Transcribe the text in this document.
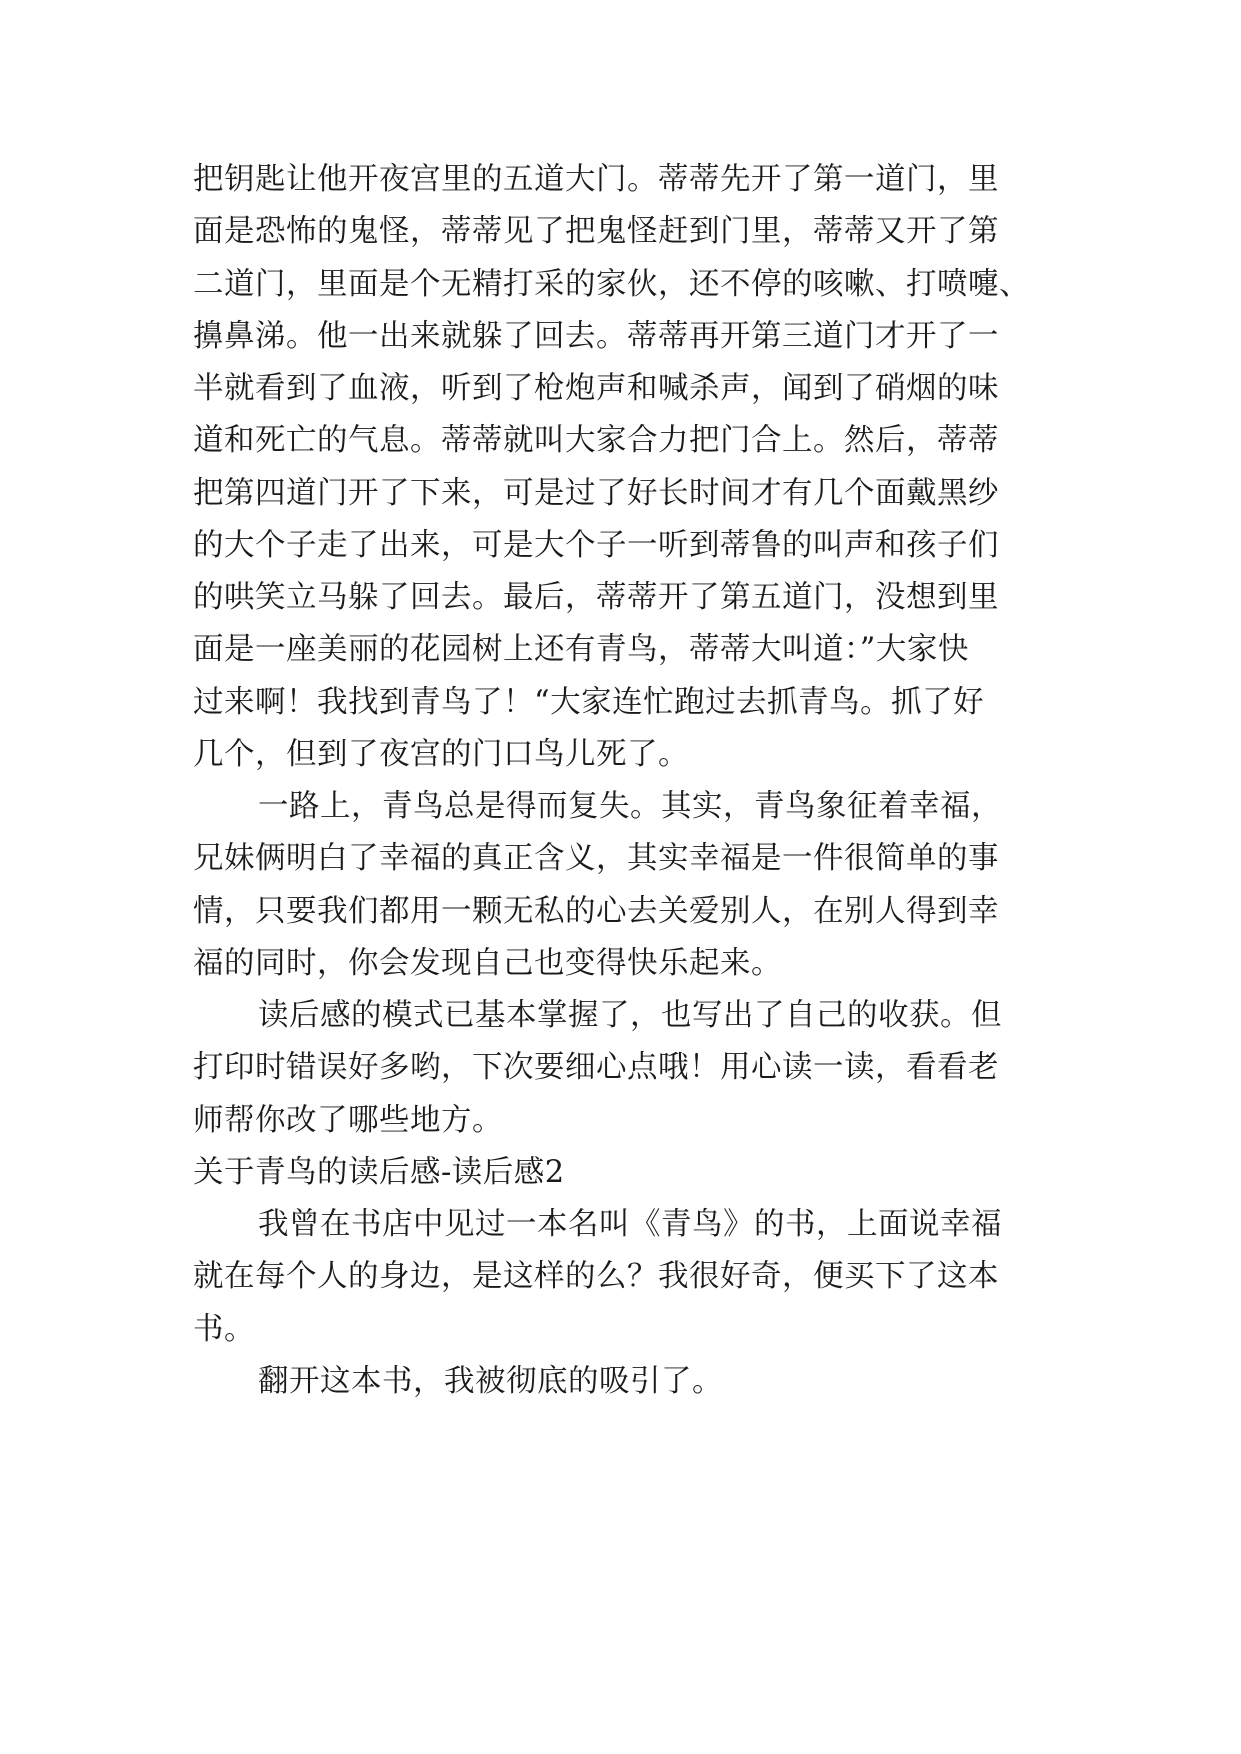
把钥匙让他开夜宫里的五道大门。蒂蒂先开了第一道门，里
面是恐怖的鬼怪，蒂蒂见了把鬼怪赶到门里，蒂蒂又开了第
二道门，里面是个无精打采的家伙，还不停的咳嗽、打喷嚏、
擤鼻涕。他一出来就躲了回去。蒂蒂再开第三道门才开了一
半就看到了血液，听到了枪炮声和喊杀声，闻到了硝烟的味
道和死亡的气息。蒂蒂就叫大家合力把门合上。然后，蒂蒂
把第四道门开了下来，可是过了好长时间才有几个面戴黑纱
的大个子走了出来，可是大个子一听到蒂鲁的叫声和孩子们
的哄笑立马躲了回去。最后，蒂蒂开了第五道门，没想到里
面是一座美丽的花园树上还有青鸟，蒂蒂大叫道：”大家快
过来啊！我找到青鸟了！“大家连忙跑过去抓青鸟。抓了好
几个，但到了夜宫的门口鸟儿死了。
一路上，青鸟总是得而复失。其实，青鸟象征着幸福，
兄妹俩明白了幸福的真正含义，其实幸福是一件很简单的事
情，只要我们都用一颗无私的心去关爱别人，在别人得到幸
福的同时，你会发现自己也变得快乐起来。
读后感的模式已基本掌握了，也写出了自己的收获。但
打印时错误好多哟，下次要细心点哦！用心读一读，看看老
师帮你改了哪些地方。
关于青鸟的读后感-读后感2
我曾在书店中见过一本名叫《青鸟》的书，上面说幸福
就在每个人的身边，是这样的么？我很好奇，便买下了这本
书。
翻开这本书，我被彻底的吸引了。
